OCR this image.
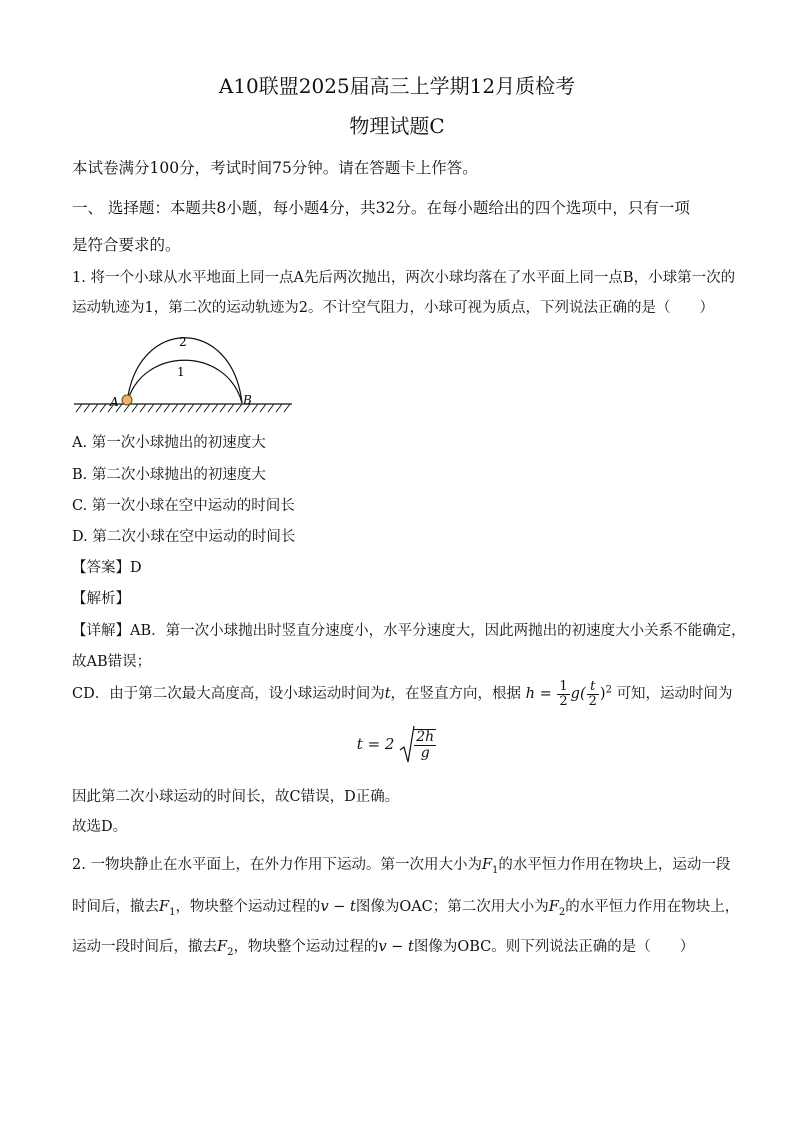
A10联盟2025届高三上学期12月质检考
物理试题C
本试卷满分100分，考试时间75分钟。请在答题卡上作答。
一、 选择题：本题共8小题，每小题4分，共32分。在每小题给出的四个选项中，只有一项
是符合要求的。
1. 将一个小球从水平地面上同一点A先后两次抛出，两次小球均落在了水平面上同一点B，小球第一次的
运动轨迹为1，第二次的运动轨迹为2。不计空气阻力，小球可视为质点，下列说法正确的是（　　）
A	B
1
2
A. 第一次小球抛出的初速度大
B. 第二次小球抛出的初速度大
C. 第一次小球在空中运动的时间长
D. 第二次小球在空中运动的时间长
【答案】D
【解析】
【详解】AB．第一次小球抛出时竖直分速度小，水平分速度大，因此两抛出的初速度大小关系不能确定，
故AB错误；
CD．由于第二次最大高度高，设小球运动时间为t，在竖直方向，根据 $h = \frac{1}{2} g( \frac{t}{2} )^2$ 可知，运动时间为
$t = 2 \frac{2h}{g}$
因此第二次小球运动的时间长，故C错误，D正确。
故选D。
2. 一物块静止在水平面上，在外力作用下运动。第一次用大小为$F_1$的水平恒力作用在物块上，运动一段
时间后，撤去$F_1$，物块整个运动过程的v − t图像为OAC；第二次用大小为$F_2$的水平恒力作用在物块上，
运动一段时间后，撤去$F_2$，物块整个运动过程的v − t图像为OBC。则下列说法正确的是（　　）
